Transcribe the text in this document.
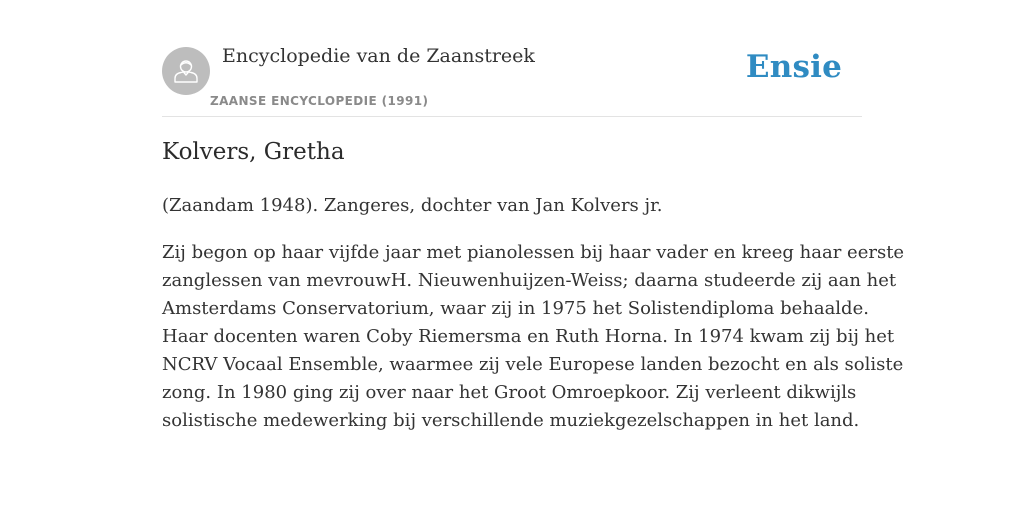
Encyclopedie van de Zaanstreek
ZAANSE ENCYCLOPEDIE (1991)
Ensie
Kolvers, Gretha

(Zaandam 1948). Zangeres, dochter van Jan Kolvers jr.

Zij begon op haar vijfde jaar met pianolessen bij haar vader en kreeg haar eerste
zanglessen van mevrouwH. Nieuwenhuijzen-Weiss; daarna studeerde zij aan het
Amsterdams Conservatorium, waar zij in 1975 het Solistendiploma behaalde.
Haar docenten waren Coby Riemersma en Ruth Horna. In 1974 kwam zij bij het
NCRV Vocaal Ensemble, waarmee zij vele Europese landen bezocht en als soliste
zong. In 1980 ging zij over naar het Groot Omroepkoor. Zij verleent dikwijls
solistische medewerking bij verschillende muziekgezelschappen in het land.
